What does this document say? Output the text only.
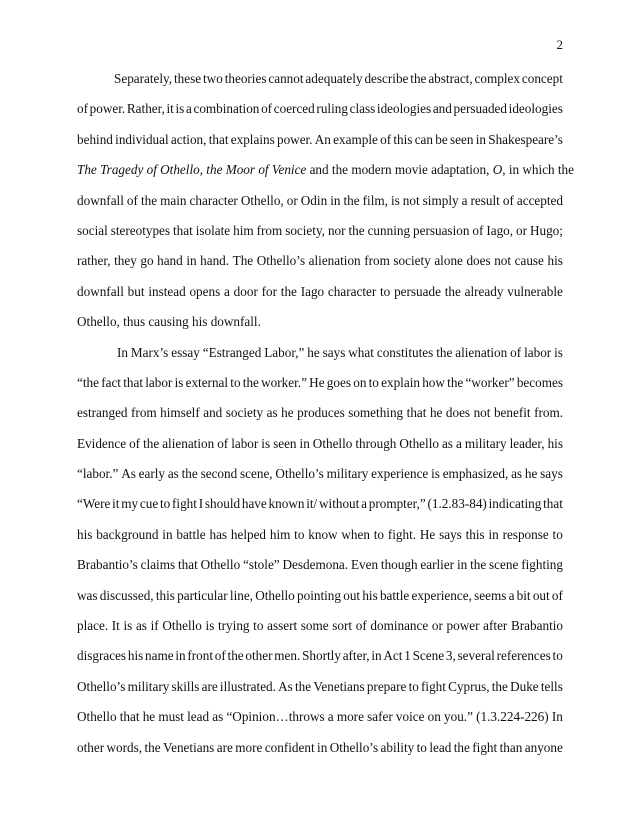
2
Separately, these two theories cannot adequately describe the abstract, complex concept
of power. Rather, it is a combination of coerced ruling class ideologies and persuaded ideologies
behind individual action, that explains power. An example of this can be seen in Shakespeare’s
The Tragedy of Othello, the Moor of Venice and the modern movie adaptation, O, in which the
downfall of the main character Othello, or Odin in the film, is not simply a result of accepted
social stereotypes that isolate him from society, nor the cunning persuasion of Iago, or Hugo;
rather, they go hand in hand. The Othello’s alienation from society alone does not cause his
downfall but instead opens a door for the Iago character to persuade the already vulnerable
Othello, thus causing his downfall.
In Marx’s essay “Estranged Labor,” he says what constitutes the alienation of labor is
“the fact that labor is external to the worker.” He goes on to explain how the “worker” becomes
estranged from himself and society as he produces something that he does not benefit from.
Evidence of the alienation of labor is seen in Othello through Othello as a military leader, his
“labor.” As early as the second scene, Othello’s military experience is emphasized, as he says
“Were it my cue to fight I should have known it/ without a prompter,” (1.2.83-84) indicating that
his background in battle has helped him to know when to fight. He says this in response to
Brabantio’s claims that Othello “stole” Desdemona. Even though earlier in the scene fighting
was discussed, this particular line, Othello pointing out his battle experience, seems a bit out of
place. It is as if Othello is trying to assert some sort of dominance or power after Brabantio
disgraces his name in front of the other men. Shortly after, in Act 1 Scene 3, several references to
Othello’s military skills are illustrated. As the Venetians prepare to fight Cyprus, the Duke tells
Othello that he must lead as “Opinion…throws a more safer voice on you.” (1.3.224-226) In
other words, the Venetians are more confident in Othello’s ability to lead the fight than anyone
